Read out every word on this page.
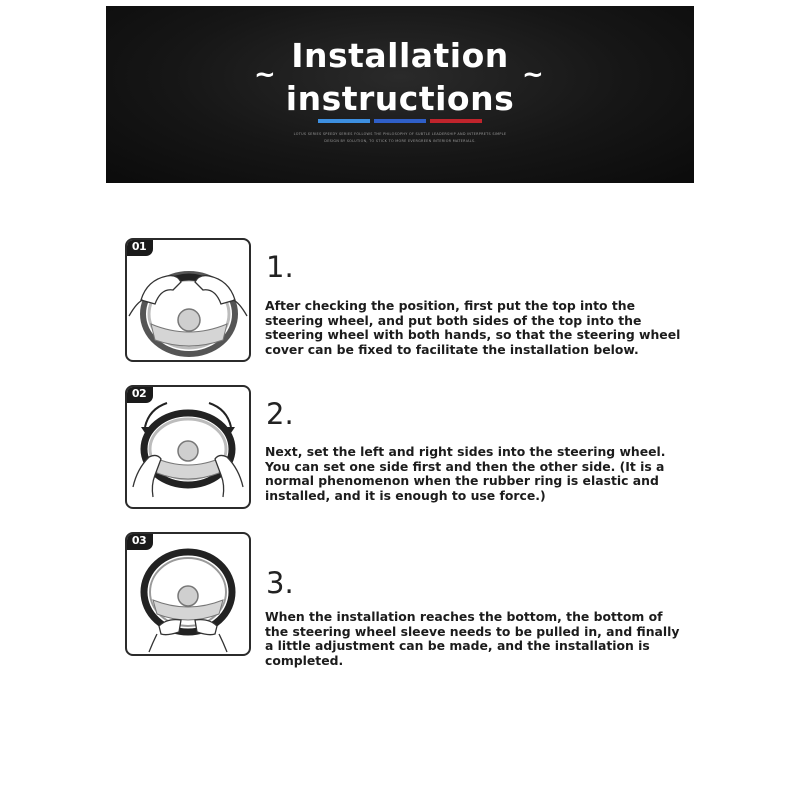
Installation
instructions
~	~
LOTUS SERIES SPEEDY SERIES FOLLOWS THE PHILOSOPHY OF SUBTLE LEADERSHIP AND INTERPRETS SIMPLE
DESIGN BY SOLUTION, TO STICK TO MORE EVERGREEN INTERIOR MATERIALS.
01
1.
After checking the position, first put the top into the steering wheel, and put both sides of the top into the steering wheel with both hands, so that the steering wheel cover can be fixed to facilitate the installation below.
02
2.
Next, set the left and right sides into the steering wheel. You can set one side first and then the other side. (It is a normal phenomenon when the rubber ring is elastic and installed, and it is enough to use force.)
03
3.
When the installation reaches the bottom, the bottom of the steering wheel sleeve needs to be pulled in, and finally a little adjustment can be made, and the installation is completed.
